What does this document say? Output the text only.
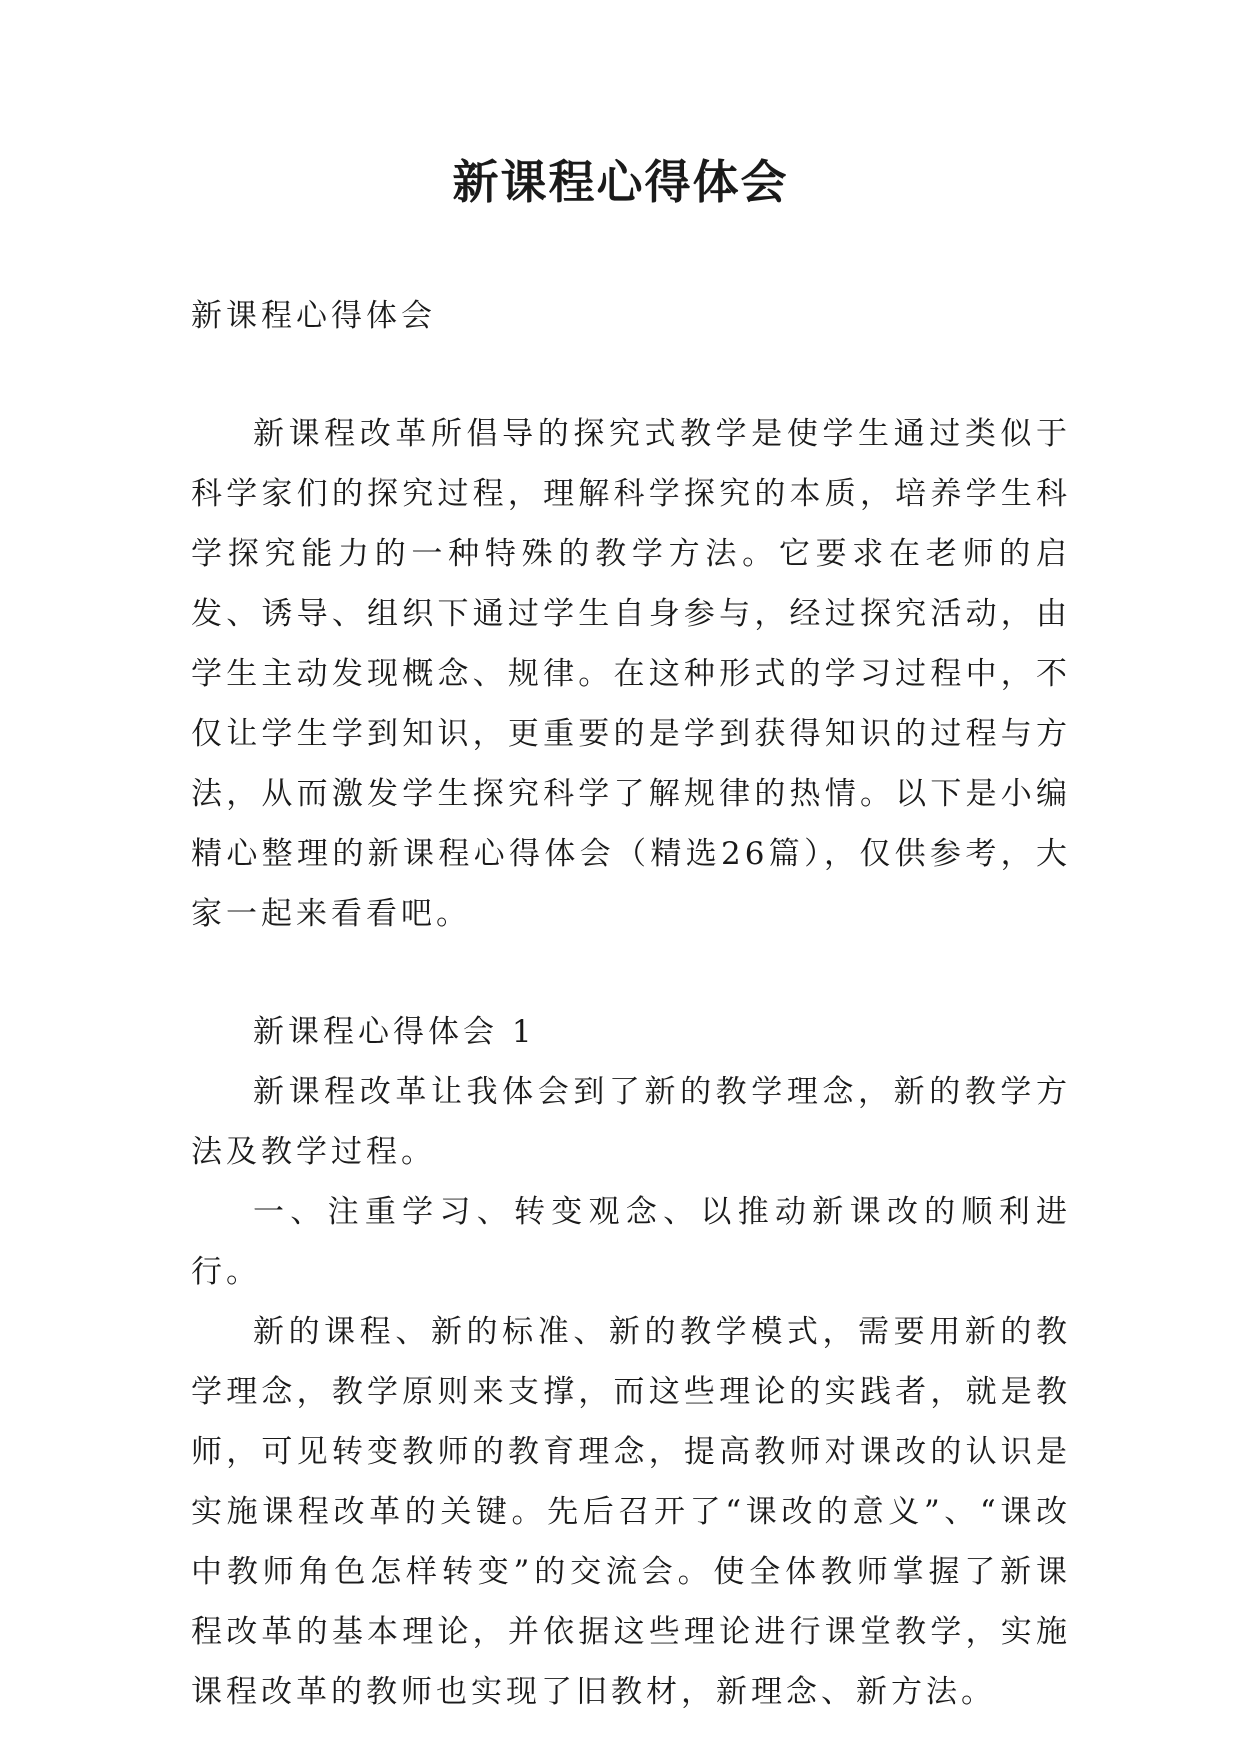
新课程心得体会

新课程心得体会

新课程改革所倡导的探究式教学是使学生通过类似于科学家们的探究过程，理解科学探究的本质，培养学生科学探究能力的一种特殊的教学方法。它要求在老师的启发、诱导、组织下通过学生自身参与，经过探究活动，由学生主动发现概念、规律。在这种形式的学习过程中，不仅让学生学到知识，更重要的是学到获得知识的过程与方法，从而激发学生探究科学了解规律的热情。以下是小编精心整理的新课程心得体会（精选26篇），仅供参考，大家一起来看看吧。

新课程心得体会 1

新课程改革让我体会到了新的教学理念，新的教学方法及教学过程。

一、注重学习、转变观念、以推动新课改的顺利进行。

新的课程、新的标准、新的教学模式，需要用新的教学理念，教学原则来支撑，而这些理论的实践者，就是教师，可见转变教师的教育理念，提高教师对课改的认识是实施课程改革的关键。先后召开了“课改的意义”、“课改中教师角色怎样转变”的交流会。使全体教师掌握了新课程改革的基本理论，并依据这些理论进行课堂教学，实施课程改革的教师也实现了旧教材，新理念、新方法。
